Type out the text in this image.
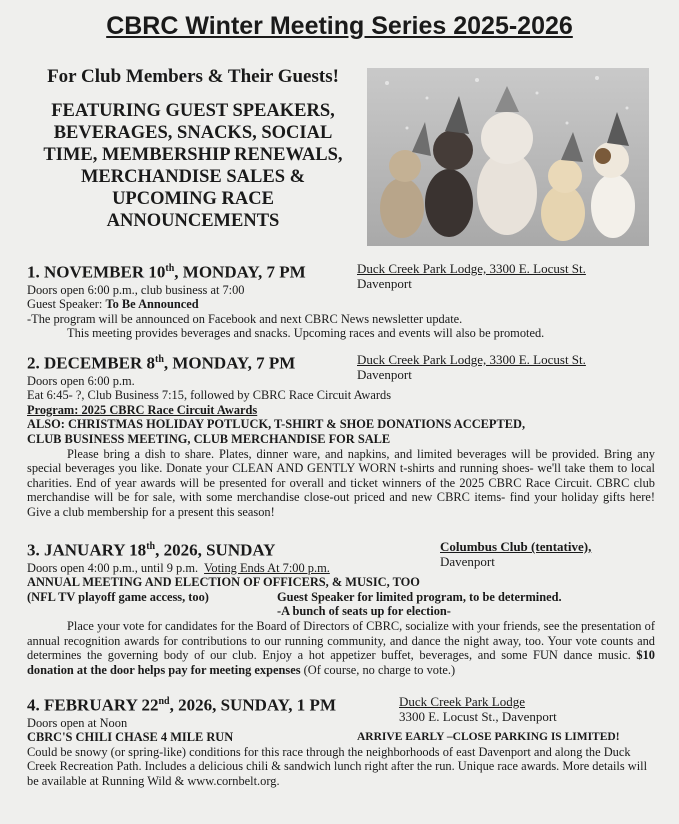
CBRC Winter Meeting Series 2025-2026
For Club Members & Their Guests!
FEATURING GUEST SPEAKERS, BEVERAGES, SNACKS, SOCIAL TIME, MEMBERSHIP RENEWALS, MERCHANDISE SALES & UPCOMING RACE ANNOUNCEMENTS
1. NOVEMBER 10th, MONDAY, 7 PM	Duck Creek Park Lodge, 3300 E. Locust St.
Davenport
Doors open 6:00 p.m., club business at 7:00
Guest Speaker: To Be Announced
-The program will be announced on Facebook and next CBRC News newsletter update.
This meeting provides beverages and snacks. Upcoming races and events will also be promoted.
2. DECEMBER 8th, MONDAY, 7 PM	Duck Creek Park Lodge, 3300 E. Locust St.
Davenport
Doors open 6:00 p.m.
Eat 6:45- ?, Club Business 7:15, followed by CBRC Race Circuit Awards
Program: 2025 CBRC Race Circuit Awards
ALSO: CHRISTMAS HOLIDAY POTLUCK, T-SHIRT & SHOE DONATIONS ACCEPTED,
CLUB BUSINESS MEETING, CLUB MERCHANDISE FOR SALE
Please bring a dish to share. Plates, dinner ware, and napkins, and limited beverages will be provided. Bring any special beverages you like. Donate your CLEAN AND GENTLY WORN t-shirts and running shoes- we'll take them to local charities. End of year awards will be presented for overall and ticket winners of the 2025 CBRC Race Circuit. CBRC club merchandise will be for sale, with some merchandise close-out priced and new CBRC items- find your holiday gifts here! Give a club membership for a present this season!
3. JANUARY 18th, 2026, SUNDAY	Columbus Club (tentative),
Davenport
Doors open 4:00 p.m., until 9 p.m. Voting Ends At 7:00 p.m.
ANNUAL MEETING AND ELECTION OF OFFICERS, & MUSIC, TOO
(NFL TV playoff game access, too)	Guest Speaker for limited program, to be determined.
-A bunch of seats up for election-
Place your vote for candidates for the Board of Directors of CBRC, socialize with your friends, see the presentation of annual recognition awards for contributions to our running community, and dance the night away, too. Your vote counts and determines the governing body of our club. Enjoy a hot appetizer buffet, beverages, and some FUN dance music. $10 donation at the door helps pay for meeting expenses (Of course, no charge to vote.)
4. FEBRUARY 22nd, 2026, SUNDAY, 1 PM	Duck Creek Park Lodge
3300 E. Locust St., Davenport
Doors open at Noon
CBRC'S CHILI CHASE 4 MILE RUN	ARRIVE EARLY –CLOSE PARKING IS LIMITED!
Could be snowy (or spring-like) conditions for this race through the neighborhoods of east Davenport and along the Duck Creek Recreation Path. Includes a delicious chili & sandwich lunch right after the run. Unique race awards. More details will be available at Running Wild & www.cornbelt.org.
